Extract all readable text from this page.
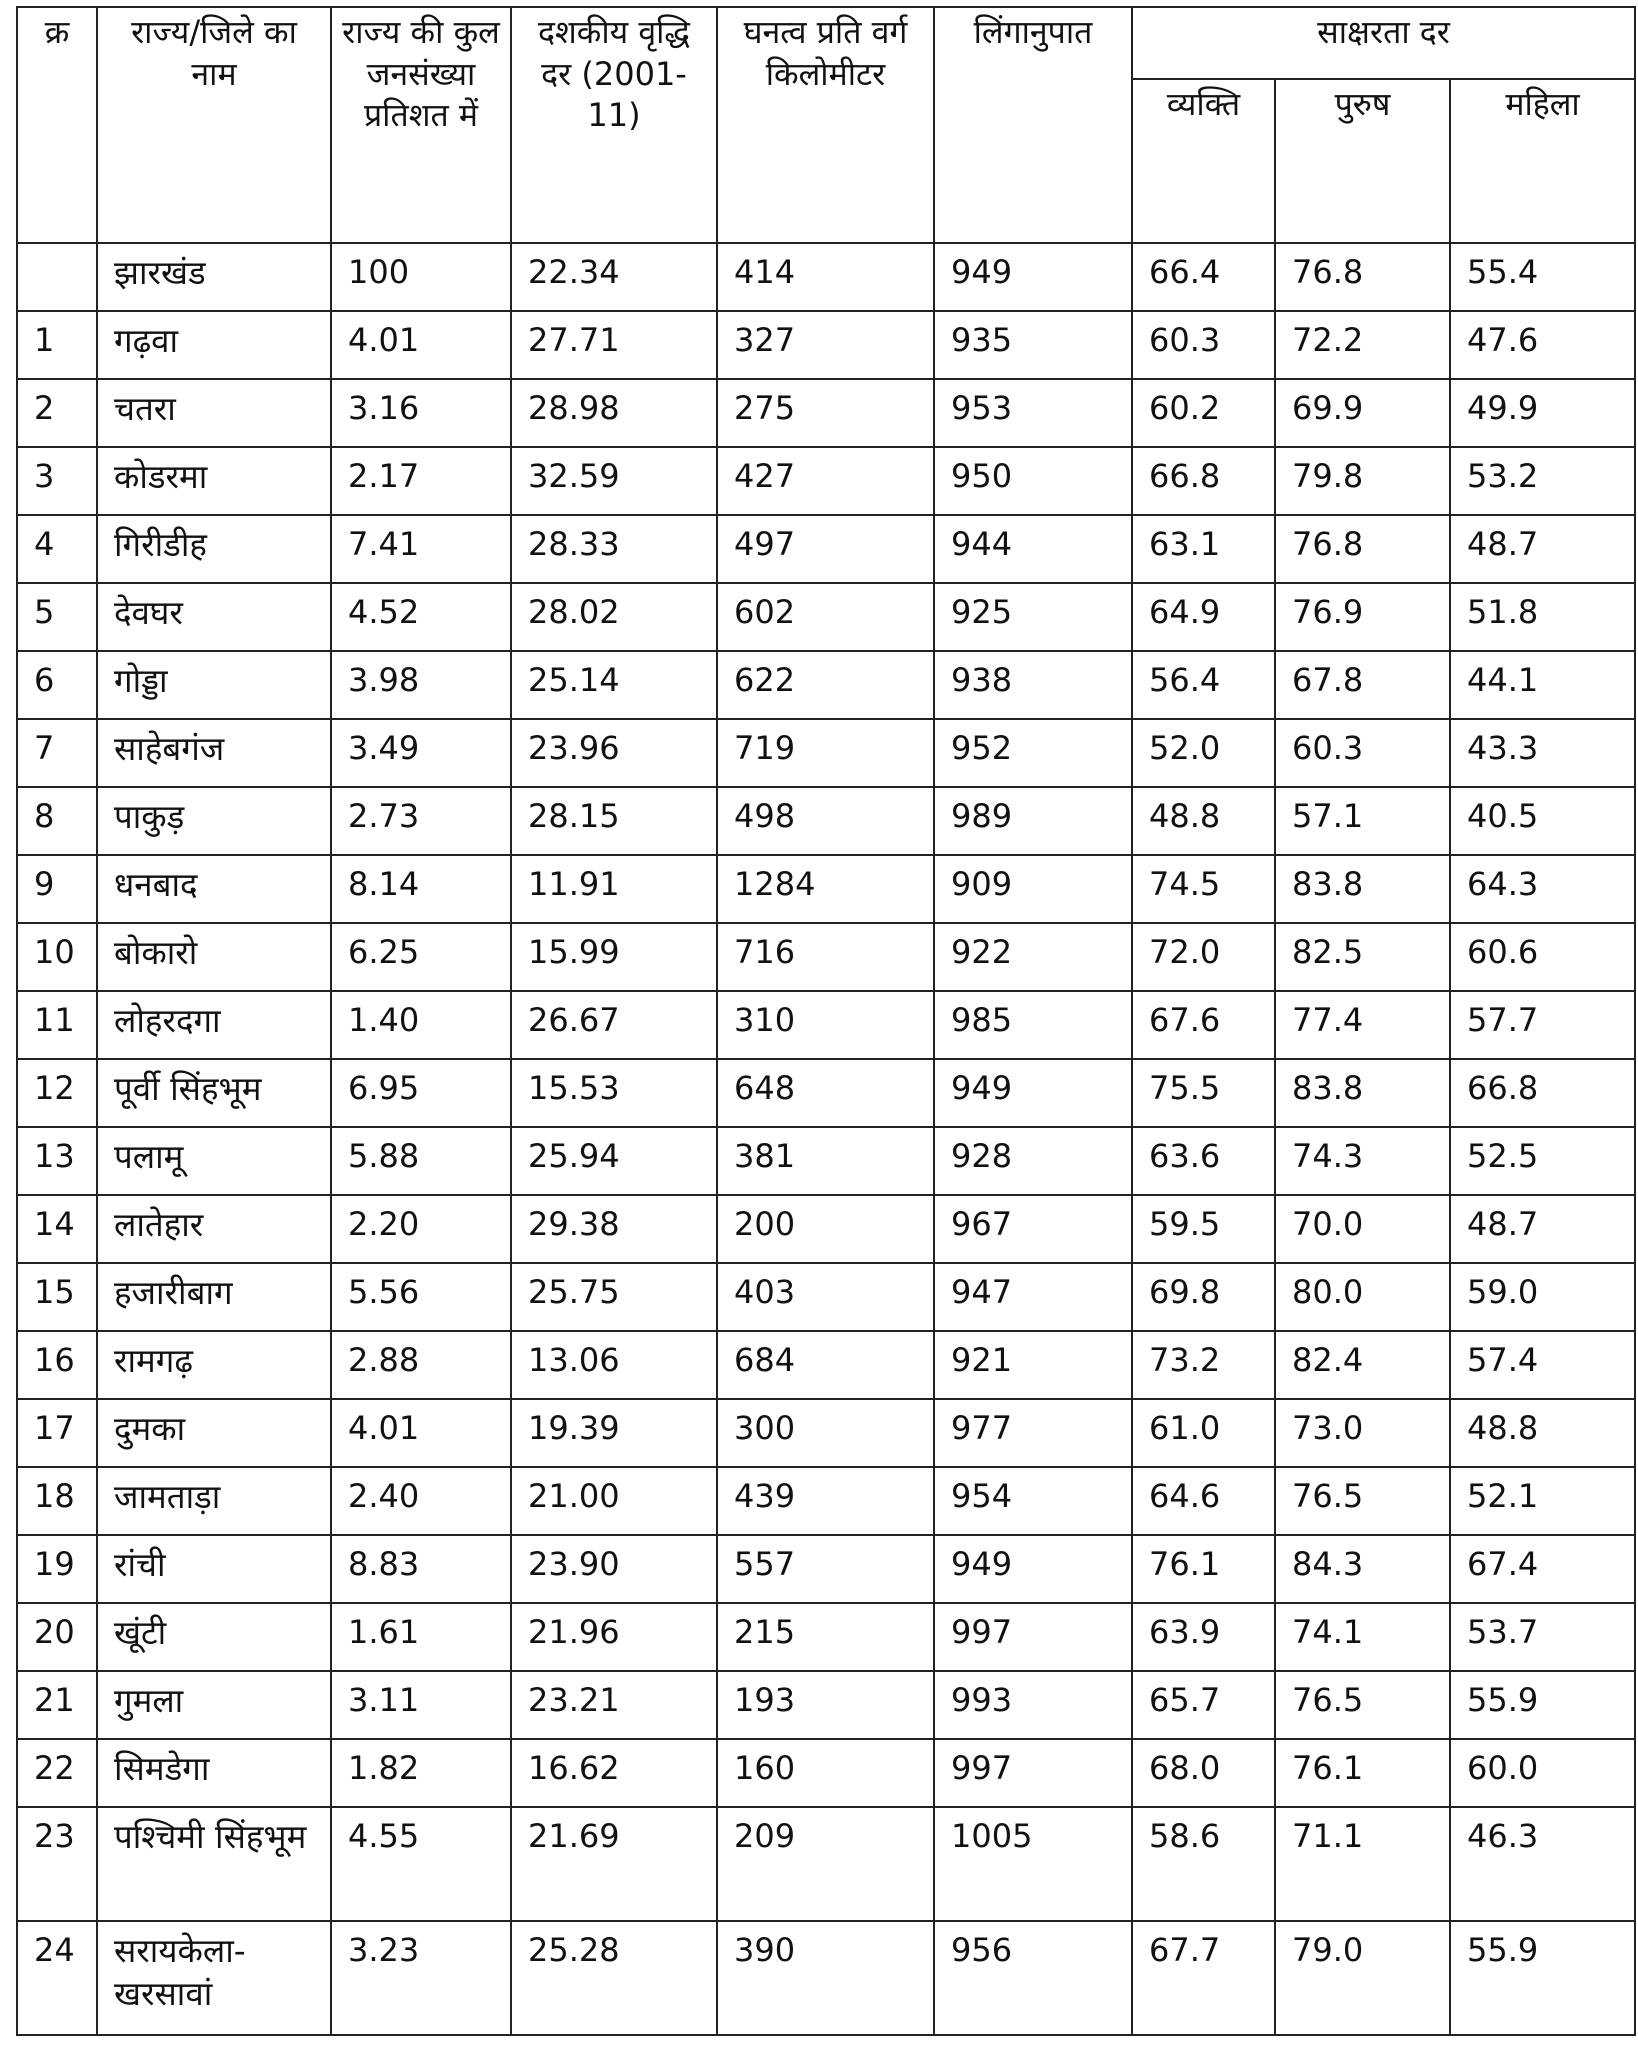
क्र	राज्य/जिले का नाम	राज्य की कुल जनसंख्या प्रतिशत में	दशकीय वृद्धि दर (2001-11)	घनत्व प्रति वर्ग किलोमीटर	लिंगानुपात	साक्षरता दर		
						व्यक्ति	पुरुष	महिला
	झारखंड	100	22.34	414	949	66.4	76.8	55.4
1	गढ़वा	4.01	27.71	327	935	60.3	72.2	47.6
2	चतरा	3.16	28.98	275	953	60.2	69.9	49.9
3	कोडरमा	2.17	32.59	427	950	66.8	79.8	53.2
4	गिरीडीह	7.41	28.33	497	944	63.1	76.8	48.7
5	देवघर	4.52	28.02	602	925	64.9	76.9	51.8
6	गोड्डा	3.98	25.14	622	938	56.4	67.8	44.1
7	साहेबगंज	3.49	23.96	719	952	52.0	60.3	43.3
8	पाकुड़	2.73	28.15	498	989	48.8	57.1	40.5
9	धनबाद	8.14	11.91	1284	909	74.5	83.8	64.3
10	बोकारो	6.25	15.99	716	922	72.0	82.5	60.6
11	लोहरदगा	1.40	26.67	310	985	67.6	77.4	57.7
12	पूर्वी सिंहभूम	6.95	15.53	648	949	75.5	83.8	66.8
13	पलामू	5.88	25.94	381	928	63.6	74.3	52.5
14	लातेहार	2.20	29.38	200	967	59.5	70.0	48.7
15	हजारीबाग	5.56	25.75	403	947	69.8	80.0	59.0
16	रामगढ़	2.88	13.06	684	921	73.2	82.4	57.4
17	दुमका	4.01	19.39	300	977	61.0	73.0	48.8
18	जामताड़ा	2.40	21.00	439	954	64.6	76.5	52.1
19	रांची	8.83	23.90	557	949	76.1	84.3	67.4
20	खूंटी	1.61	21.96	215	997	63.9	74.1	53.7
21	गुमला	3.11	23.21	193	993	65.7	76.5	55.9
22	सिमडेगा	1.82	16.62	160	997	68.0	76.1	60.0
23	पश्चिमी सिंहभूम	4.55	21.69	209	1005	58.6	71.1	46.3
24	सरायकेला-खरसावां	3.23	25.28	390	956	67.7	79.0	55.9
